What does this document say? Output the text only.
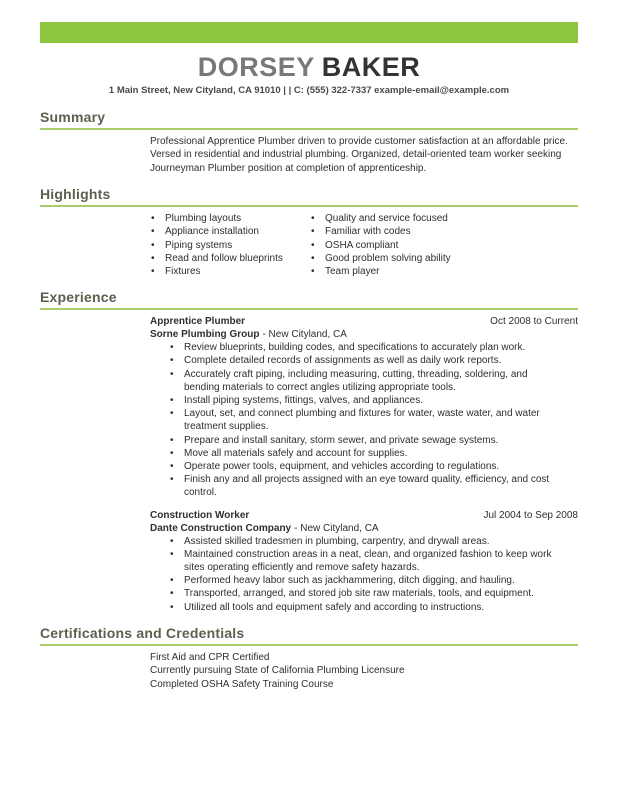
DORSEY BAKER
1 Main Street, New Cityland, CA 91010 | | C: (555) 322-7337 example-email@example.com
Summary

Professional Apprentice Plumber driven to provide customer satisfaction at an affordable price. Versed in residential and industrial plumbing. Organized, detail-oriented team worker seeking Journeyman Plumber position at completion of apprenticeship.

Highlights
• Plumbing layouts
• Appliance installation
• Piping systems
• Read and follow blueprints
• Fixtures
• Quality and service focused
• Familiar with codes
• OSHA compliant
• Good problem solving ability
• Team player
Experience
Apprentice Plumber	Oct 2008 to Current
Sorne Plumbing Group - New Cityland, CA
• Review blueprints, building codes, and specifications to accurately plan work.
• Complete detailed records of assignments as well as daily work reports.
• Accurately craft piping, including measuring, cutting, threading, soldering, and bending materials to correct angles utilizing appropriate tools.
• Install piping systems, fittings, valves, and appliances.
• Layout, set, and connect plumbing and fixtures for water, waste water, and water treatment supplies.
• Prepare and install sanitary, storm sewer, and private sewage systems.
• Move all materials safely and account for supplies.
• Operate power tools, equipment, and vehicles according to regulations.
• Finish any and all projects assigned with an eye toward quality, efficiency, and cost control.
Construction Worker	Jul 2004 to Sep 2008
Dante Construction Company - New Cityland, CA
• Assisted skilled tradesmen in plumbing, carpentry, and drywall areas.
• Maintained construction areas in a neat, clean, and organized fashion to keep work sites operating efficiently and remove safety hazards.
• Performed heavy labor such as jackhammering, ditch digging, and hauling.
• Transported, arranged, and stored job site raw materials, tools, and equipment.
• Utilized all tools and equipment safely and according to instructions.
Certifications and Credentials
First Aid and CPR Certified
Currently pursuing State of California Plumbing Licensure
Completed OSHA Safety Training Course
